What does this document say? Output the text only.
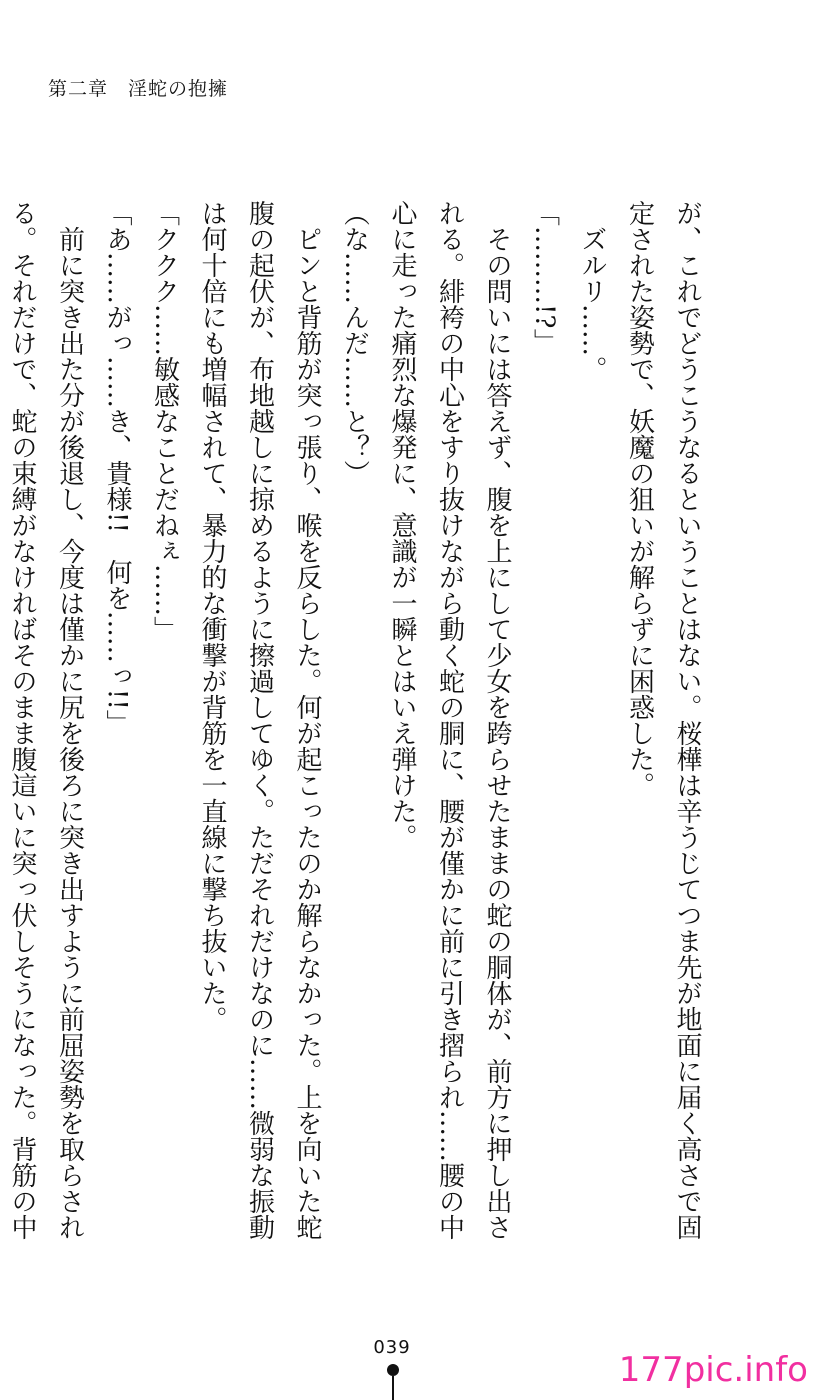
第二章　淫蛇の抱擁

が、これでどうこうなるということはない。桜樺は辛うじてつま先が地面に届く高さで固

定された姿勢で、妖魔の狙いが解らずに困惑した。

　ズルリ……。

「………!?」

　その問いには答えず、腹を上にして少女を跨らせたままの蛇の胴体が、前方に押し出さ

れる。緋袴の中心をすり抜けながら動く蛇の胴に、腰が僅かに前に引き摺られ……腰の中

心に走った痛烈な爆発に、意識が一瞬とはいえ弾けた。

（な……んだ……と？）

　ピンと背筋が突っ張り、喉を反らした。何が起こったのか解らなかった。上を向いた蛇

腹の起伏が、布地越しに掠めるように擦過してゆく。ただそれだけなのに……微弱な振動

は何十倍にも増幅されて、暴力的な衝撃が背筋を一直線に撃ち抜いた。

「ククク……敏感なことだねぇ……」

「あ……がっ……き、貴様!!　何を……っ!!」

　前に突き出た分が後退し、今度は僅かに尻を後ろに突き出すように前屈姿勢を取らされ

る。それだけで、蛇の束縛がなければそのまま腹這いに突っ伏しそうになった。背筋の中

039
177pic.info
